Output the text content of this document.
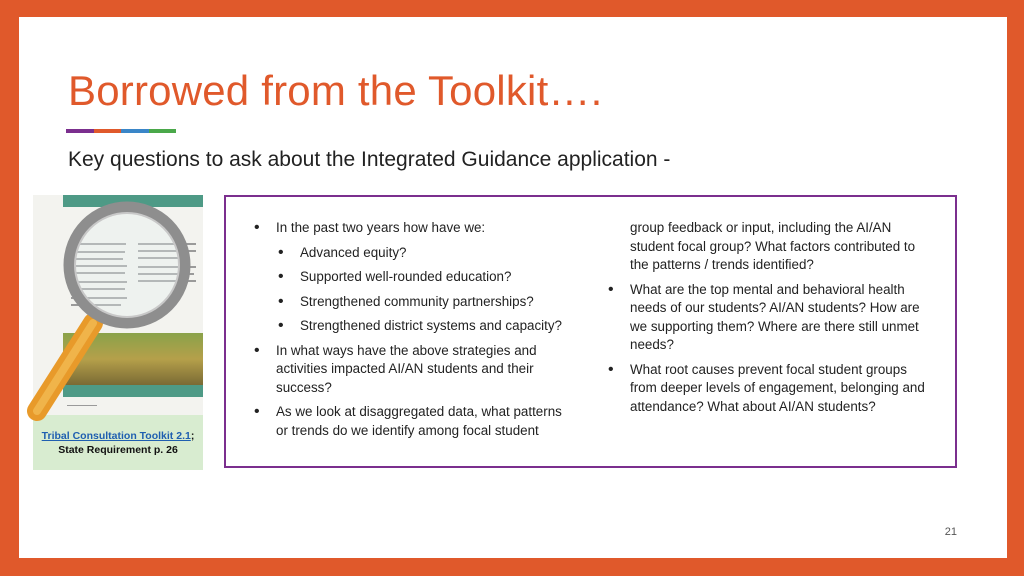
Borrowed from the Toolkit….

Key questions to ask about the Integrated Guidance application -

Tribal Consultation Toolkit 2.1;
State Requirement p. 26
• In the past two years how have we:
• Advanced equity?
• Supported well-rounded education?
• Strengthened community partnerships?
• Strengthened district systems and capacity?
• In what ways have the above strategies and activities impacted AI/AN students and their success?
• As we look at disaggregated data, what patterns or trends do we identify among focal student
group feedback or input, including the AI/AN student focal group? What factors contributed to the patterns / trends identified?
• What are the top mental and behavioral health needs of our students? AI/AN students? How are we supporting them? Where are there still unmet needs?
• What root causes prevent focal student groups from deeper levels of engagement, belonging and attendance? What about AI/AN students?
21
